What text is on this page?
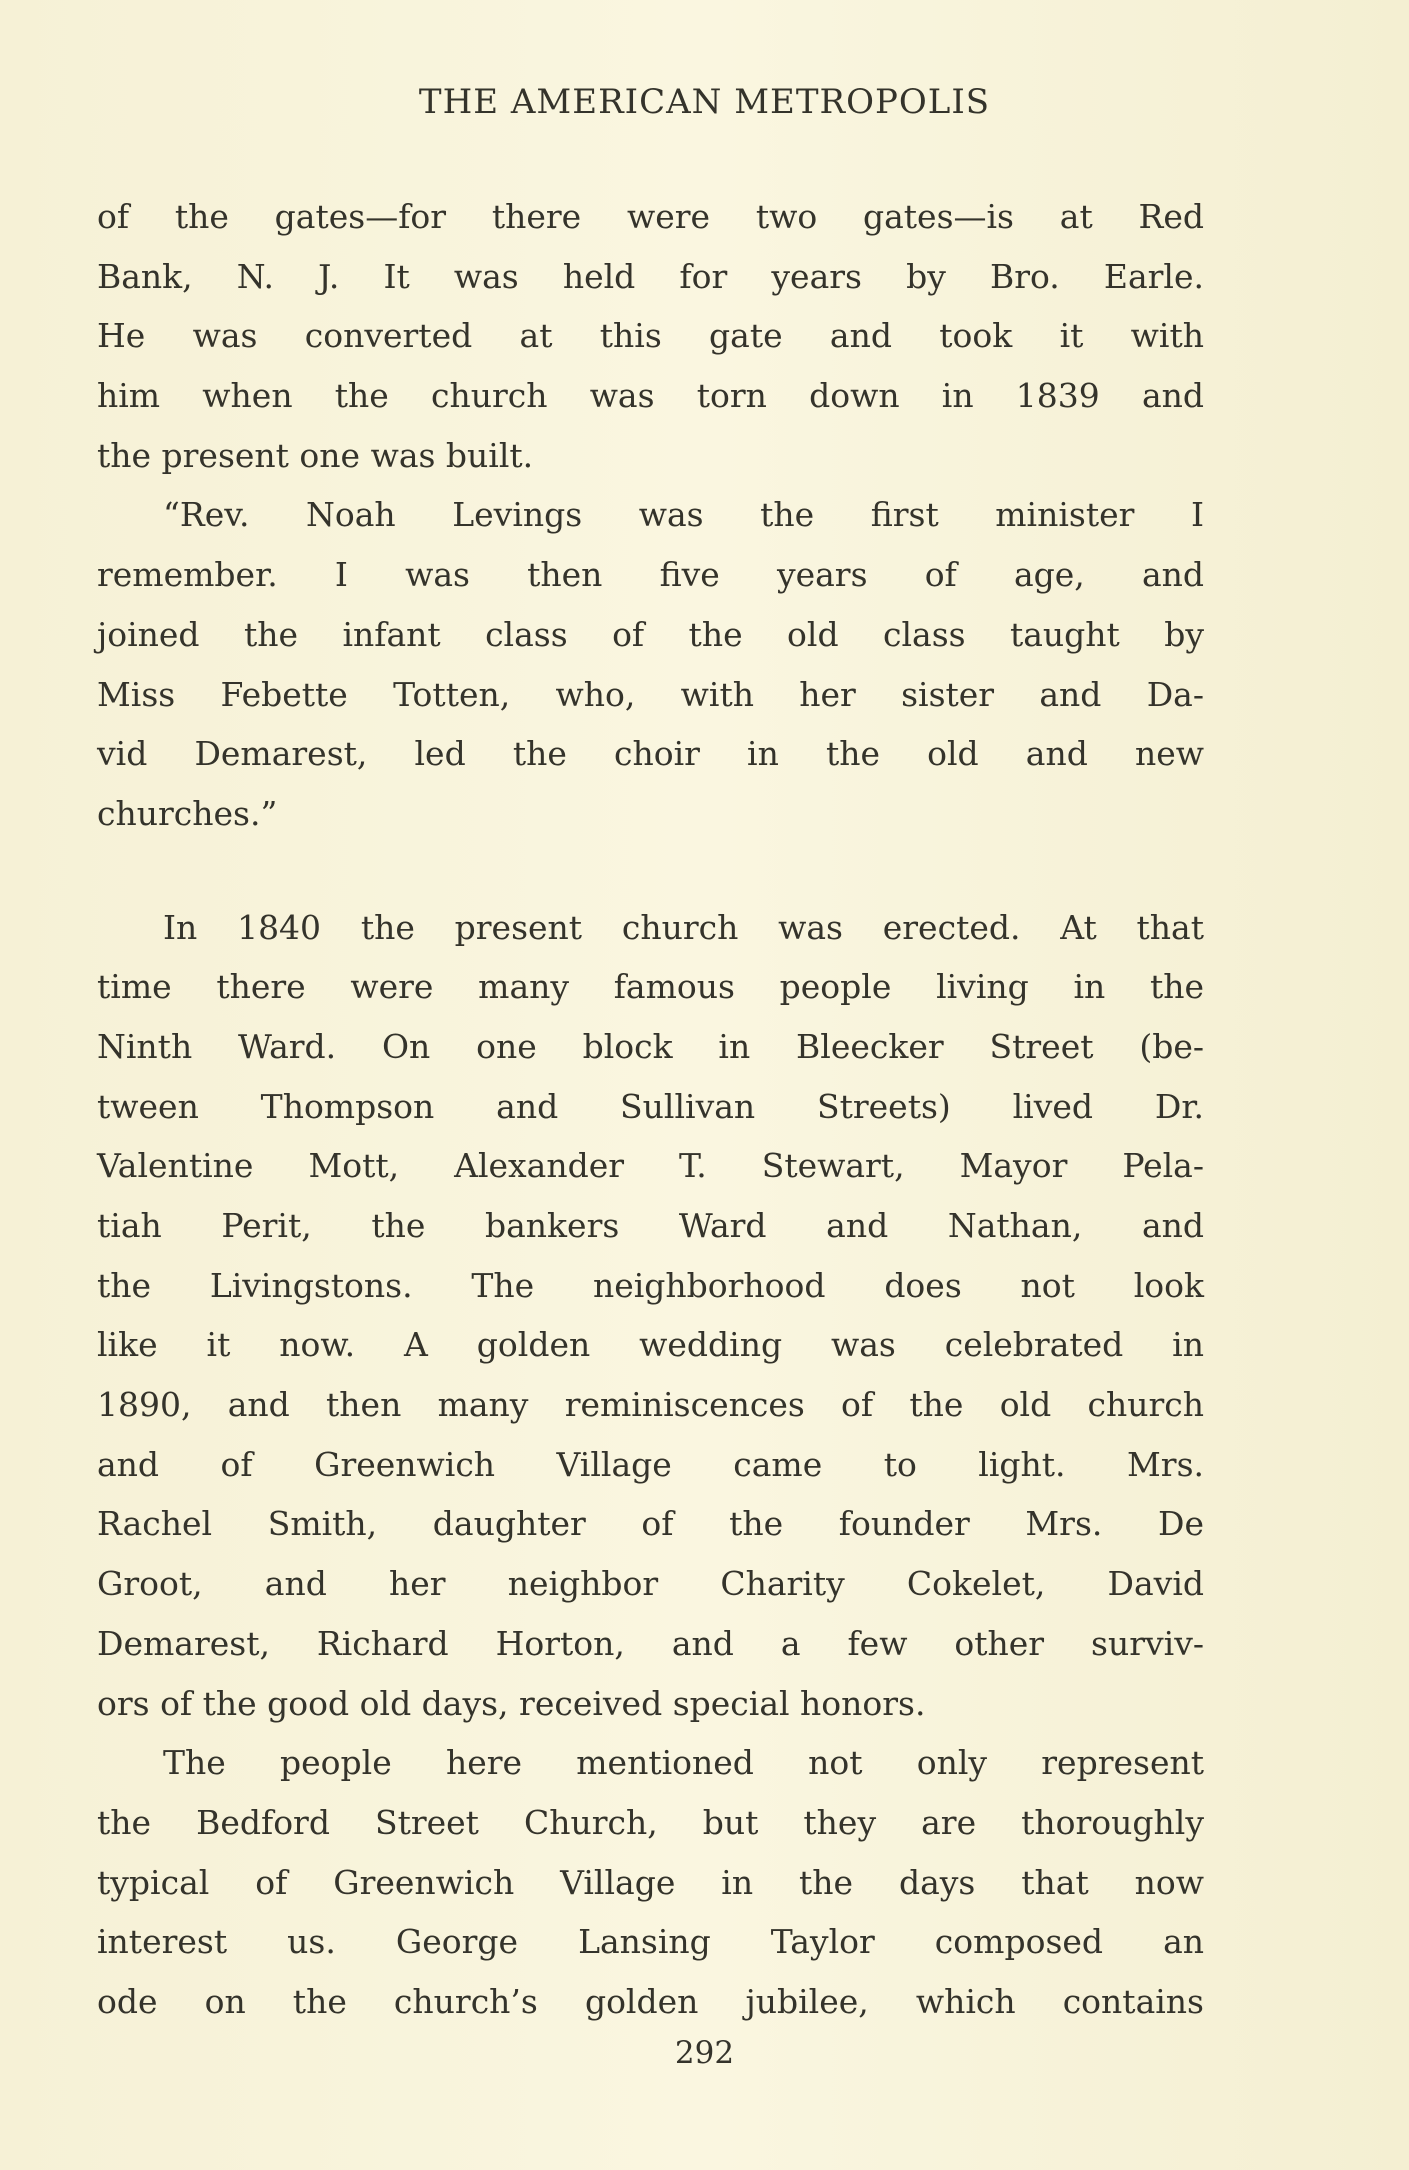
THE AMERICAN METROPOLIS
of the gates—for there were two gates—is at Red
Bank, N. J. It was held for years by Bro. Earle.
He was converted at this gate and took it with
him when the church was torn down in 1839 and
the present one was built.
“Rev. Noah Levings was the first minister I
remember. I was then five years of age, and
joined the infant class of the old class taught by
Miss Febette Totten, who, with her sister and Da-
vid Demarest, led the choir in the old and new
churches.”
In 1840 the present church was erected. At that
time there were many famous people living in the
Ninth Ward. On one block in Bleecker Street (be-
tween Thompson and Sullivan Streets) lived Dr.
Valentine Mott, Alexander T. Stewart, Mayor Pela-
tiah Perit, the bankers Ward and Nathan, and
the Livingstons. The neighborhood does not look
like it now. A golden wedding was celebrated in
1890, and then many reminiscences of the old church
and of Greenwich Village came to light. Mrs.
Rachel Smith, daughter of the founder Mrs. De
Groot, and her neighbor Charity Cokelet, David
Demarest, Richard Horton, and a few other surviv-
ors of the good old days, received special honors.
The people here mentioned not only represent
the Bedford Street Church, but they are thoroughly
typical of Greenwich Village in the days that now
interest us. George Lansing Taylor composed an
ode on the church’s golden jubilee, which contains
292
